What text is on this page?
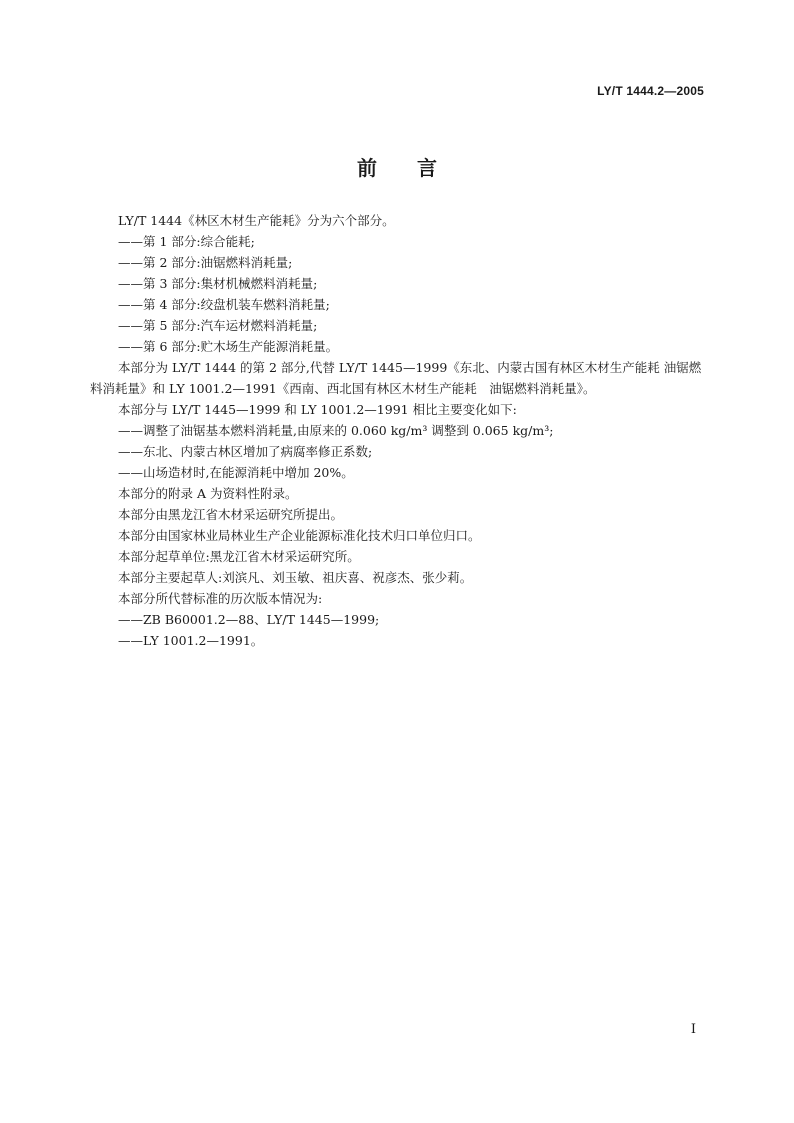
LY/T 1444.2—2005
前 言

LY/T 1444《林区木材生产能耗》分为六个部分。

——第 1 部分:综合能耗;

——第 2 部分:油锯燃料消耗量;

——第 3 部分:集材机械燃料消耗量;

——第 4 部分:绞盘机装车燃料消耗量;

——第 5 部分:汽车运材燃料消耗量;

——第 6 部分:贮木场生产能源消耗量。

本部分为 LY/T 1444 的第 2 部分,代替 LY/T 1445—1999《东北、内蒙古国有林区木材生产能耗 油锯燃料消耗量》和 LY 1001.2—1991《西南、西北国有林区木材生产能耗　油锯燃料消耗量》。

本部分与 LY/T 1445—1999 和 LY 1001.2—1991 相比主要变化如下:

——调整了油锯基本燃料消耗量,由原来的 0.060 kg/m³ 调整到 0.065 kg/m³;

——东北、内蒙古林区增加了病腐率修正系数;

——山场造材时,在能源消耗中增加 20%。

本部分的附录 A 为资料性附录。

本部分由黑龙江省木材采运研究所提出。

本部分由国家林业局林业生产企业能源标准化技术归口单位归口。

本部分起草单位:黑龙江省木材采运研究所。

本部分主要起草人:刘滨凡、刘玉敏、祖庆喜、祝彦杰、张少莉。

本部分所代替标准的历次版本情况为:

——ZB B60001.2—88、LY/T 1445—1999;

——LY 1001.2—1991。

I
